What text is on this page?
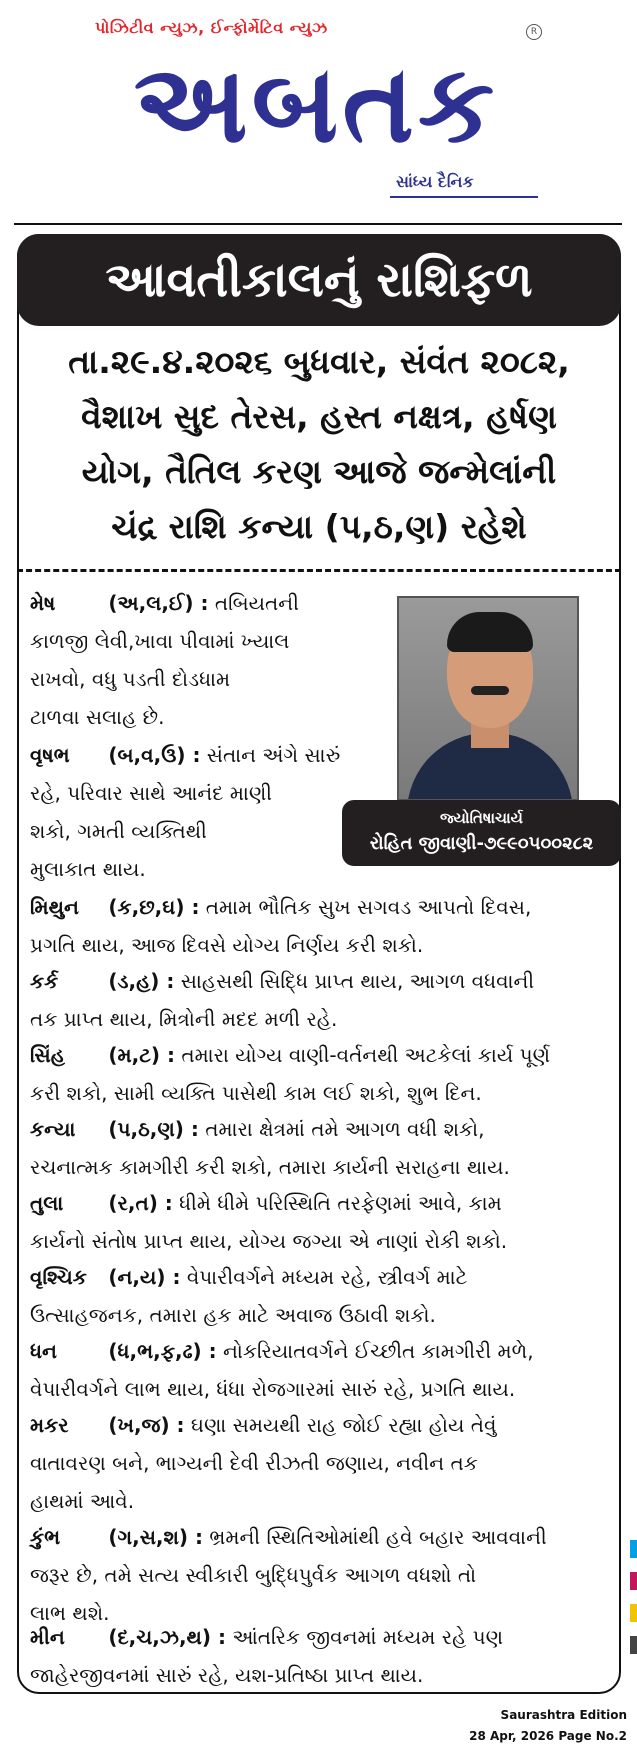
પોઝિટીવ ન્યુઝ, ઈન્ફોર્મેટિવ ન્યુઝ	R
અબતક
સાંધ્ય દૈનિક
આવતીકાલનું રાશિફળ
તા.૨૯.૪.૨૦૨૬ બુધવાર, સંવંત ૨૦૮૨,
વૈશાખ સુદ તેરસ, હસ્ત નક્ષત્ર, હર્ષણ
યોગ, તૈતિલ કરણ આજે જન્મેલાંની
ચંદ્ર રાશિ કન્યા (પ,ઠ,ણ) રહેશે
જ્યોતિષાચાર્ય
રોહિત જીવાણી-૭૯૯૦૫૦૦૨૮૨
મેષ	(અ,લ,ઈ) : તબિયતની
કાળજી લેવી,ખાવા પીવામાં ખ્યાલ
રાખવો, વધુ પડતી દોડધામ
ટાળવા સલાહ છે.
વૃષભ (બ,વ,ઉ) : સંતાન અંગે સારું
રહે, પરિવાર સાથે આનંદ માણી
શકો, ગમતી વ્યક્તિથી
મુલાકાત થાય.
મિથુન (ક,છ,ઘ) : તમામ ભૌતિક સુખ સગવડ આપતો દિવસ,
પ્રગતિ થાય, આજ દિવસે યોગ્ય નિર્ણય કરી શકો.
કર્ક	(ડ,હ) : સાહસથી સિદ્ધિ પ્રાપ્ત થાય, આગળ વધવાની
તક પ્રાપ્ત થાય, મિત્રોની મદદ મળી રહે.
સિંહ (મ,ટ) : તમારા યોગ્ય વાણી-વર્તનથી અટકેલાં કાર્ય પૂર્ણ
કરી શકો, સામી વ્યક્તિ પાસેથી કામ લઈ શકો, શુભ દિન.
કન્યા (પ,ઠ,ણ) : તમારા ક્ષેત્રમાં તમે આગળ વધી શકો,
રચનાત્મક કામગીરી કરી શકો, તમારા કાર્યની સરાહના થાય.
તુલા (ર,ત) : ધીમે ધીમે પરિસ્થિતિ તરફેણમાં આવે, કામ
કાર્યનો સંતોષ પ્રાપ્ત થાય, યોગ્ય જગ્યા એ નાણાં રોકી શકો.
વૃશ્ચિક (ન,ય) : વેપારીવર્ગને મધ્યમ રહે, સ્ત્રીવર્ગ માટે
ઉત્સાહજનક, તમારા હક માટે અવાજ ઉઠાવી શકો.
ધન	(ધ,ભ,ફ,ઢ) : નોકરિયાતવર્ગને ઈચ્છીત કામગીરી મળે,
વેપારીવર્ગને લાભ થાય, ધંધા રોજગારમાં સારું રહે, પ્રગતિ થાય.
મકર (ખ,જ) : ઘણા સમયથી રાહ જોઈ રહ્યા હોય તેવું
વાતાવરણ બને, ભાગ્યની દેવી રીઝતી જણાય, નવીન તક
હાથમાં આવે.
કુંભ (ગ,સ,શ) : ભ્રમની સ્થિતિઓમાંથી હવે બહાર આવવાની
જરૂર છે, તમે સત્ય સ્વીકારી બુદ્ધિપુર્વક આગળ વધશો તો
લાભ થશે.
મીન (દ,ચ,ઝ,થ) : આંતરિક જીવનમાં મધ્યમ રહે પણ
જાહેરજીવનમાં સારું રહે, યશ-પ્રતિષ્ઠા પ્રાપ્ત થાય.
Saurashtra Edition
28 Apr, 2026 Page No.2
